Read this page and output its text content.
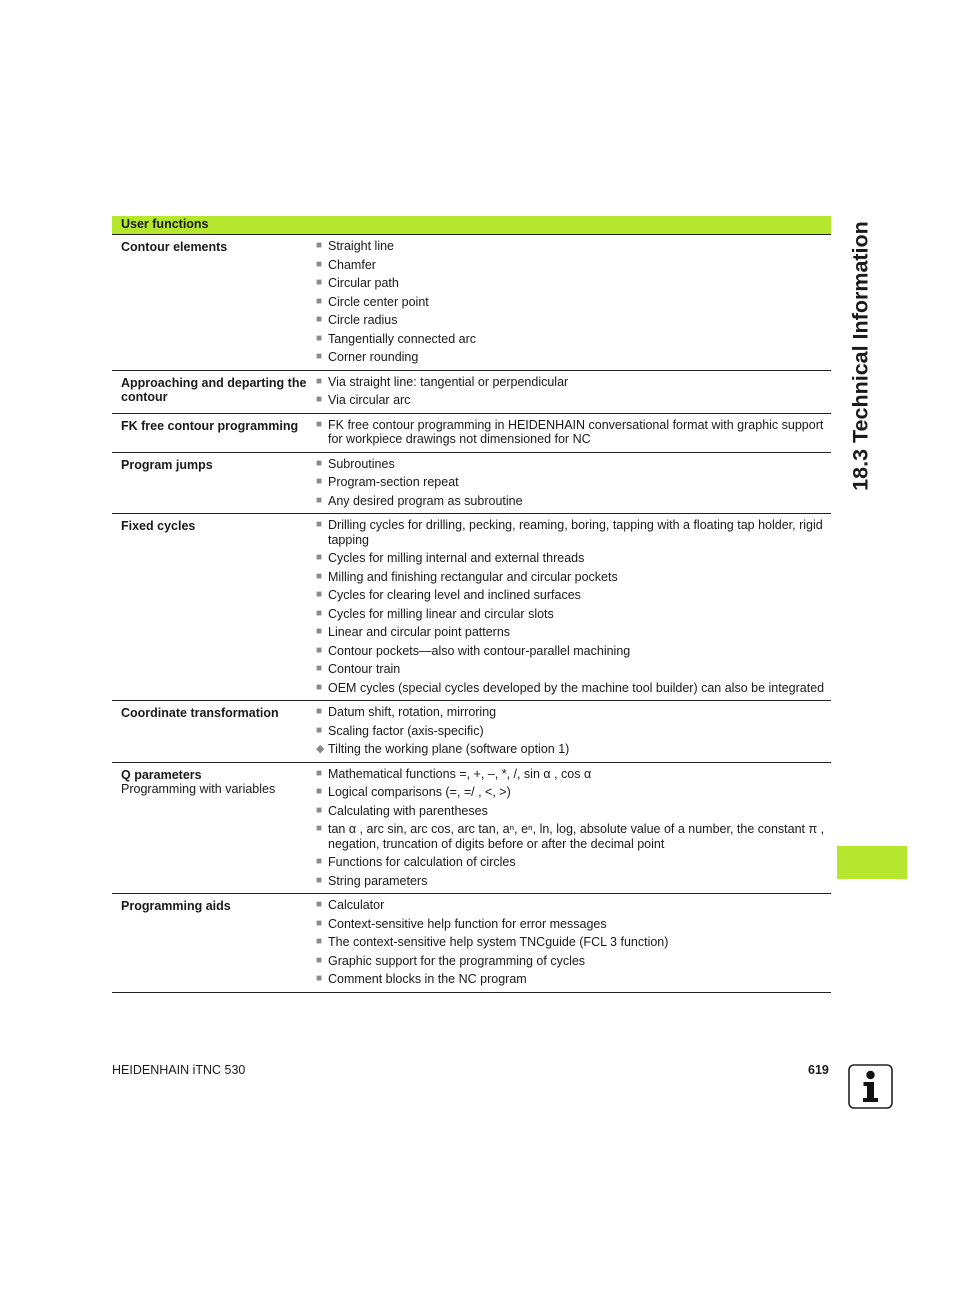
User functions
Contour elements	■ Straight line
■ Chamfer
■ Circular path
■ Circle center point
■ Circle radius
■ Tangentially connected arc
■ Corner rounding
Approaching and departing the contour
■ Via straight line: tangential or perpendicular
■ Via circular arc
FK free contour programming	■ FK free contour programming in HEIDENHAIN conversational format with graphic support for workpiece drawings not dimensioned for NC
Program jumps	■ Subroutines
■ Program-section repeat
■ Any desired program as subroutine
Fixed cycles	■ Drilling cycles for drilling, pecking, reaming, boring, tapping with a floating tap holder, rigid tapping
■ Cycles for milling internal and external threads
■ Milling and finishing rectangular and circular pockets
■ Cycles for clearing level and inclined surfaces
■ Cycles for milling linear and circular slots
■ Linear and circular point patterns
■ Contour pockets—also with contour-parallel machining
■ Contour train
■ OEM cycles (special cycles developed by the machine tool builder) can also be integrated
Coordinate transformation	■ Datum shift, rotation, mirroring
■ Scaling factor (axis-specific)
◆ Tilting the working plane (software option 1)
Q parameters
Programming with variables
■ Mathematical functions =, +, –, *, /, sin α , cos α
■ Logical comparisons (=, =/ , <, >)
■ Calculating with parentheses
■ tan α , arc sin, arc cos, arc tan, aⁿ, eⁿ, ln, log, absolute value of a number, the constant π , negation, truncation of digits before or after the decimal point
■ Functions for calculation of circles
■ String parameters
Programming aids	■ Calculator
■ Context-sensitive help function for error messages
■ The context-sensitive help system TNCguide (FCL 3 function)
■ Graphic support for the programming of cycles
■ Comment blocks in the NC program
18.3 Technical Information
HEIDENHAIN iTNC 530	619
